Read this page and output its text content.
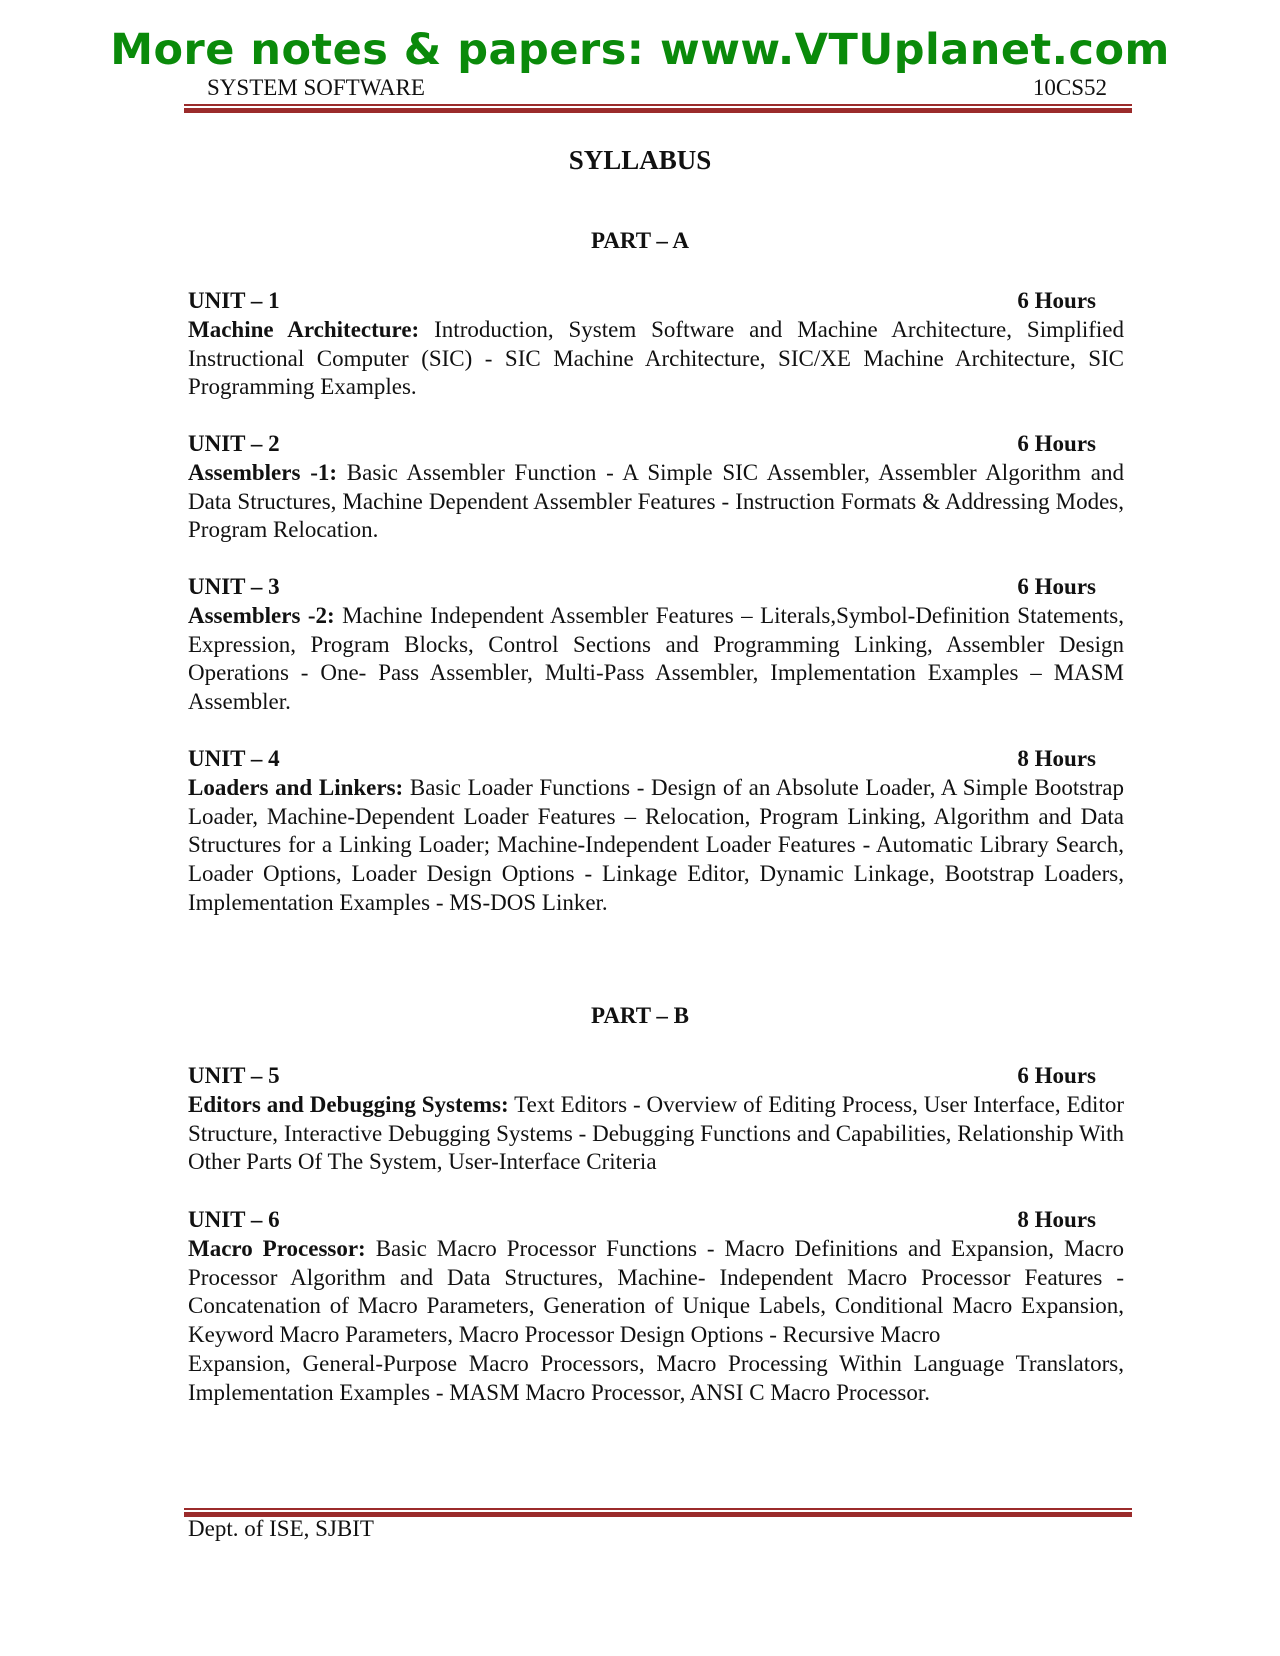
More notes & papers: www.VTUplanet.com
SYSTEM SOFTWARE	10CS52
SYLLABUS
PART – A
UNIT – 1	6 Hours
Machine Architecture: Introduction, System Software and Machine Architecture, Simplified Instructional Computer (SIC) - SIC Machine Architecture, SIC/XE Machine Architecture, SIC Programming Examples.
UNIT – 2	6 Hours
Assemblers -1: Basic Assembler Function - A Simple SIC Assembler, Assembler Algorithm and Data Structures, Machine Dependent Assembler Features - Instruction Formats & Addressing Modes, Program Relocation.
UNIT – 3	6 Hours
Assemblers -2: Machine Independent Assembler Features – Literals,Symbol-Definition Statements, Expression, Program Blocks, Control Sections and Programming Linking, Assembler Design Operations - One- Pass Assembler, Multi-Pass Assembler, Implementation Examples – MASM Assembler.
UNIT – 4	8 Hours
Loaders and Linkers: Basic Loader Functions - Design of an Absolute Loader, A Simple Bootstrap Loader, Machine-Dependent Loader Features – Relocation, Program Linking, Algorithm and Data Structures for a Linking Loader; Machine-Independent Loader Features - Automatic Library Search, Loader Options, Loader Design Options - Linkage Editor, Dynamic Linkage, Bootstrap Loaders, Implementation Examples - MS-DOS Linker.
PART – B
UNIT – 5	6 Hours
Editors and Debugging Systems: Text Editors - Overview of Editing Process, User Interface, Editor Structure, Interactive Debugging Systems - Debugging Functions and Capabilities, Relationship With Other Parts Of The System, User-Interface Criteria
UNIT – 6	8 Hours
Macro Processor: Basic Macro Processor Functions - Macro Definitions and Expansion, Macro Processor Algorithm and Data Structures, Machine- Independent Macro Processor Features - Concatenation of Macro Parameters, Generation of Unique Labels, Conditional Macro Expansion, Keyword Macro Parameters, Macro Processor Design Options - Recursive Macro
Expansion, General-Purpose Macro Processors, Macro Processing Within Language Translators, Implementation Examples - MASM Macro Processor, ANSI C Macro Processor.
Dept. of ISE, SJBIT
